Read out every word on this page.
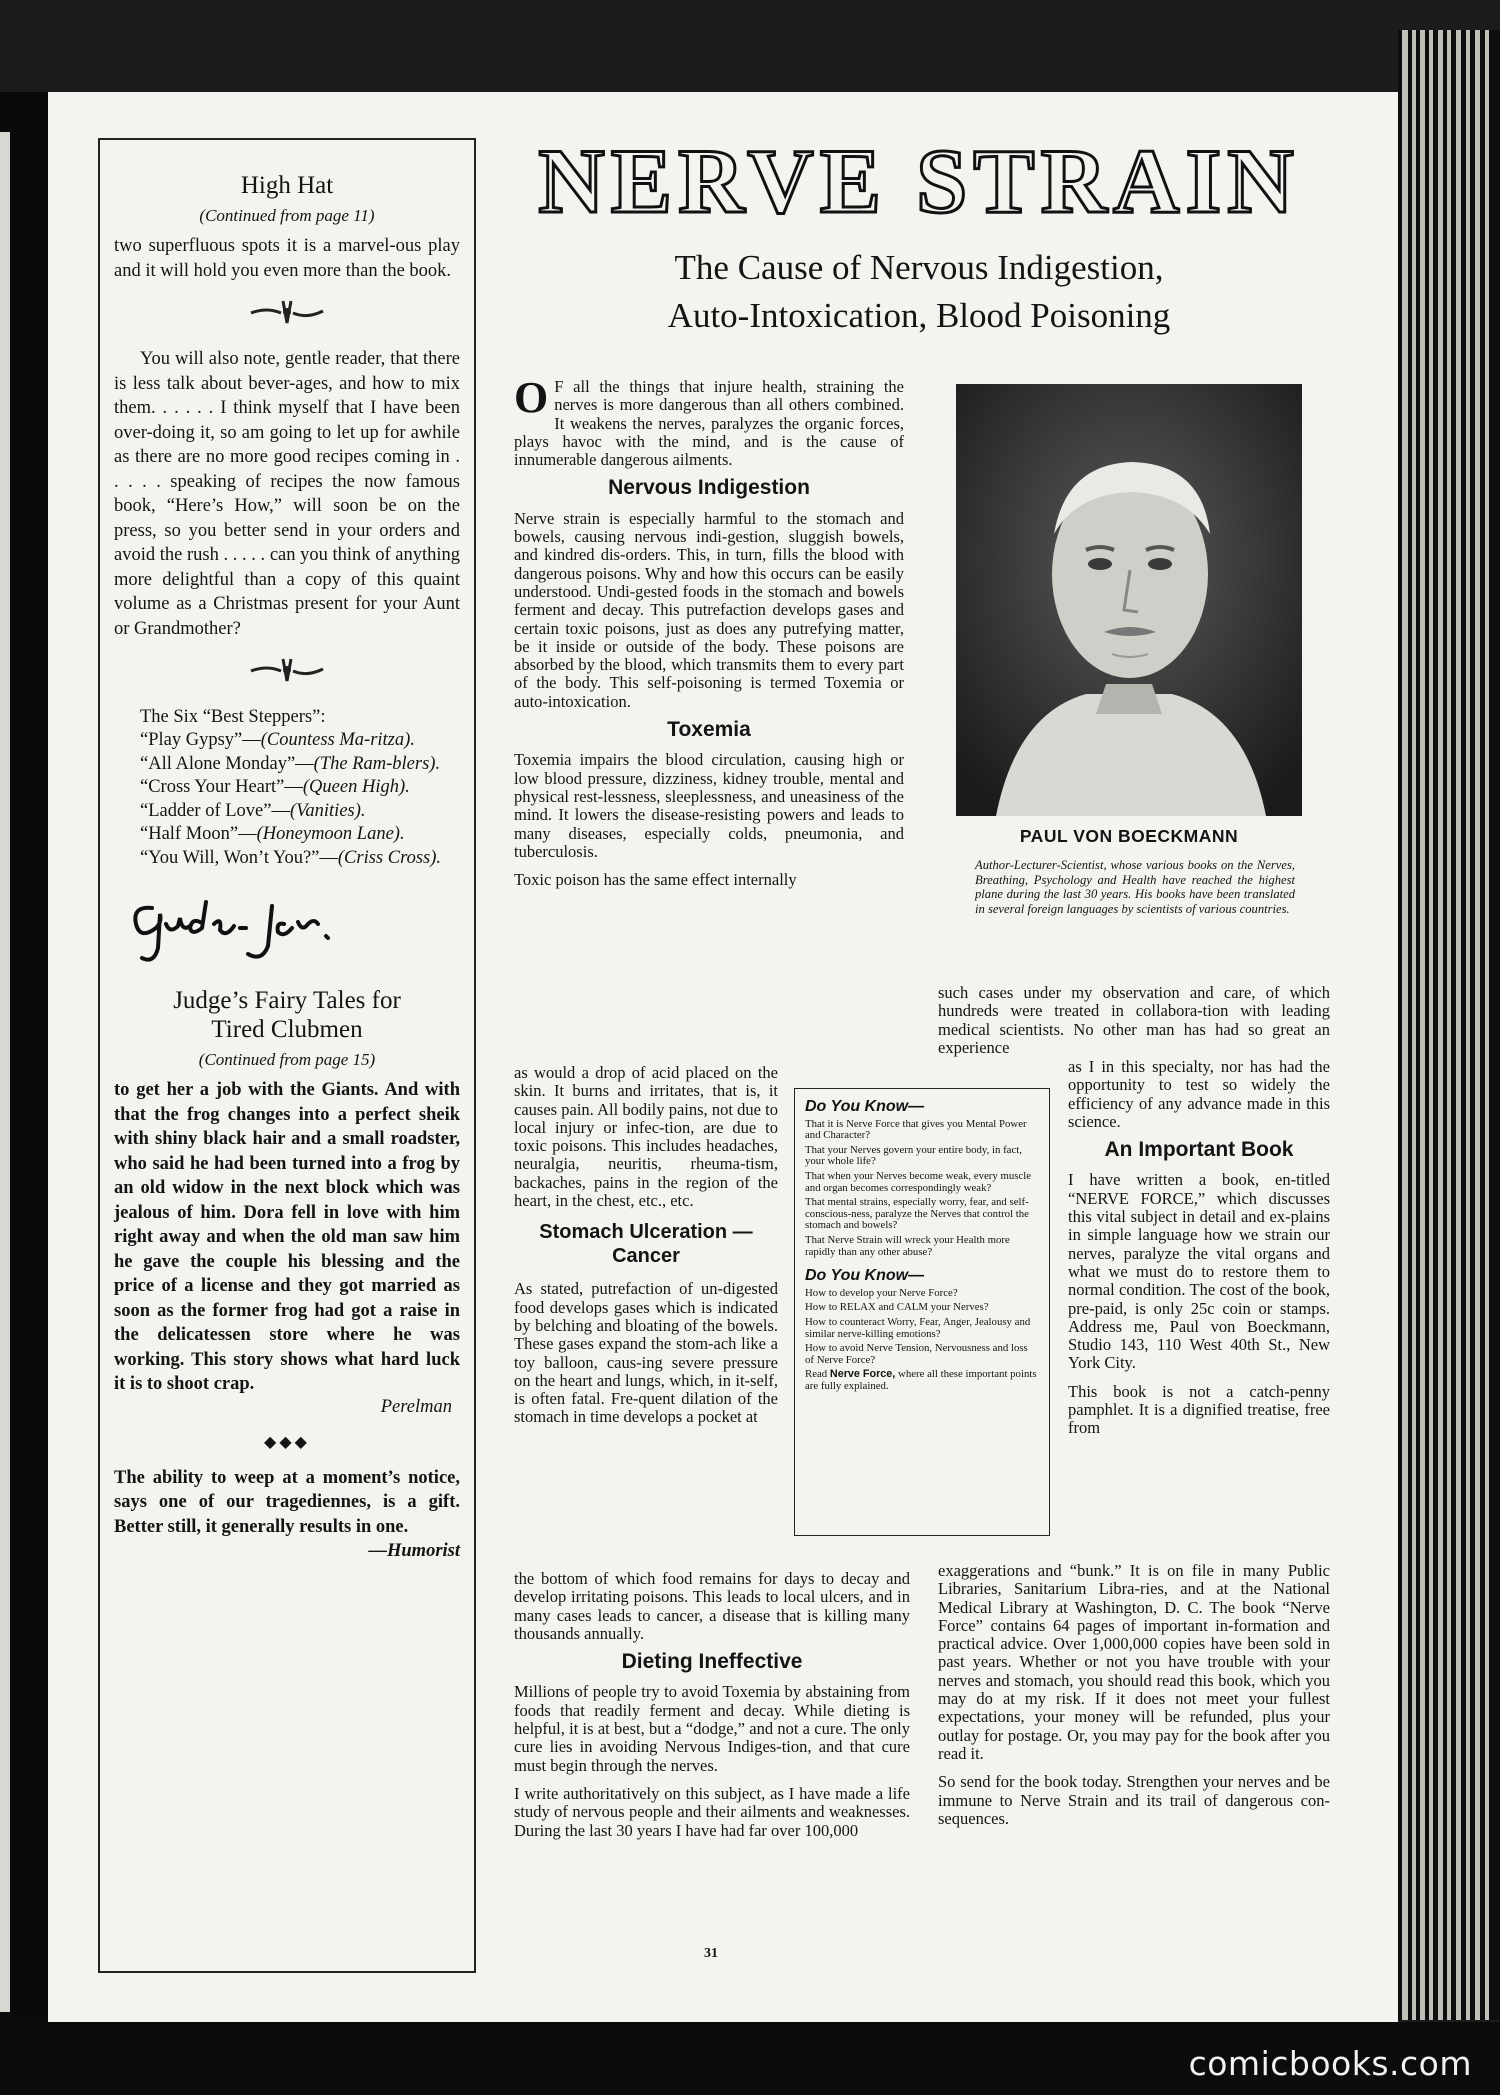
comicbooks.com
High Hat
(Continued from page 11)

two superfluous spots it is a marvel-ous play and it will hold you even more than the book.

You will also note, gentle reader, that there is less talk about bever-ages, and how to mix them. . . . . . I think myself that I have been over-doing it, so am going to let up for awhile as there are no more good recipes coming in . . . . . speaking of recipes the now famous book, “Here’s How,” will soon be on the press, so you better send in your orders and avoid the rush . . . . . can you think of anything more delightful than a copy of this quaint volume as a Christmas present for your Aunt or Grandmother?

The Six “Best Steppers”:

“Play Gypsy”—(Countess Ma-ritza).

“All Alone Monday”—(The Ram-blers).

“Cross Your Heart”—(Queen High).

“Ladder of Love”—(Vanities).

“Half Moon”—(Honeymoon Lane).

“You Will, Won’t You?”—(Criss Cross).

Judge’s Fairy Tales for
Tired Clubmen
(Continued from page 15)

to get her a job with the Giants. And with that the frog changes into a perfect sheik with shiny black hair and a small roadster, who said he had been turned into a frog by an old widow in the next block which was jealous of him. Dora fell in love with him right away and when the old man saw him he gave the couple his blessing and the price of a license and they got married as soon as the former frog had got a raise in the delicatessen store where he was working. This story shows what hard luck it is to shoot crap.

Perelman

◆◆◆

The ability to weep at a moment’s notice, says one of our tragediennes, is a gift. Better still, it generally results in one.
—Humorist

NERVE STRAIN
The Cause of Nervous Indigestion,
Auto-Intoxication, Blood Poisoning
PAUL VON BOECKMANN
Author-Lecturer-Scientist, whose various books on the Nerves, Breathing, Psychology and Health have reached the highest plane during the last 30 years. His books have been translated in several foreign languages by scientists of various countries.

O F all the things that injure health, straining the nerves is more dangerous than all others combined. It weakens the nerves, paralyzes the organic forces, plays havoc with the mind, and is the cause of innumerable dangerous ailments.

Nervous Indigestion

Nerve strain is especially harmful to the stomach and bowels, causing nervous indi-gestion, sluggish bowels, and kindred dis-orders. This, in turn, fills the blood with dangerous poisons. Why and how this occurs can be easily understood. Undi-gested foods in the stomach and bowels ferment and decay. This putrefaction develops gases and certain toxic poisons, just as does any putrefying matter, be it inside or outside of the body. These poisons are absorbed by the blood, which transmits them to every part of the body. This self-poisoning is termed Toxemia or auto-intoxication.

Toxemia

Toxemia impairs the blood circulation, causing high or low blood pressure, dizziness, kidney trouble, mental and physical rest-lessness, sleeplessness, and uneasiness of the mind. It lowers the disease-resisting powers and leads to many diseases, especially colds, pneumonia, and tuberculosis.

Toxic poison has the same effect internally

as would a drop of acid placed on the skin. It burns and irritates, that is, it causes pain. All bodily pains, not due to local injury or infec-tion, are due to toxic poisons. This includes headaches, neuralgia, neuritis, rheuma-tism, backaches, pains in the region of the heart, in the chest, etc., etc.

Stomach Ulceration —Cancer

As stated, putrefaction of un-digested food develops gases which is indicated by belching and bloating of the bowels. These gases expand the stom-ach like a toy balloon, caus-ing severe pressure on the heart and lungs, which, in it-self, is often fatal. Fre-quent dilation of the stomach in time develops a pocket at

the bottom of which food remains for days to decay and develop irritating poisons. This leads to local ulcers, and in many cases leads to cancer, a disease that is killing many thousands annually.

Dieting Ineffective

Millions of people try to avoid Toxemia by abstaining from foods that readily ferment and decay. While dieting is helpful, it is at best, but a “dodge,” and not a cure. The only cure lies in avoiding Nervous Indiges-tion, and that cure must begin through the nerves.

I write authoritatively on this subject, as I have made a life study of nervous people and their ailments and weaknesses. During the last 30 years I have had far over 100,000

Do You Know—

That it is Nerve Force that gives you Mental Power and Character?

That your Nerves govern your entire body, in fact, your whole life?

That when your Nerves become weak, every muscle and organ becomes correspondingly weak?

That mental strains, especially worry, fear, and self-conscious-ness, paralyze the Nerves that control the stomach and bowels?

That Nerve Strain will wreck your Health more rapidly than any other abuse?

Do You Know—

How to develop your Nerve Force?

How to RELAX and CALM your Nerves?

How to counteract Worry, Fear, Anger, Jealousy and similar nerve-killing emotions?

How to avoid Nerve Tension, Nervousness and loss of Nerve Force?

Read Nerve Force, where all these important points are fully explained.

such cases under my observation and care, of which hundreds were treated in collabora-tion with leading medical scientists. No other man has had so great an experience

as I in this specialty, nor has had the opportunity to test so widely the efficiency of any advance made in this science.

An Important Book

I have written a book, en-titled “NERVE FORCE,” which discusses this vital subject in detail and ex-plains in simple language how we strain our nerves, paralyze the vital organs and what we must do to restore them to normal condition. The cost of the book, pre-paid, is only 25c coin or stamps. Address me, Paul von Boeckmann, Studio 143, 110 West 40th St., New York City.

This book is not a catch-penny pamphlet. It is a dignified treatise, free from

exaggerations and “bunk.” It is on file in many Public Libraries, Sanitarium Libra-ries, and at the National Medical Library at Washington, D. C. The book “Nerve Force” contains 64 pages of important in-formation and practical advice. Over 1,000,000 copies have been sold in past years. Whether or not you have trouble with your nerves and stomach, you should read this book, which you may do at my risk. If it does not meet your fullest expectations, your money will be refunded, plus your outlay for postage. Or, you may pay for the book after you read it.

So send for the book today. Strengthen your nerves and be immune to Nerve Strain and its trail of dangerous con-sequences.

31
